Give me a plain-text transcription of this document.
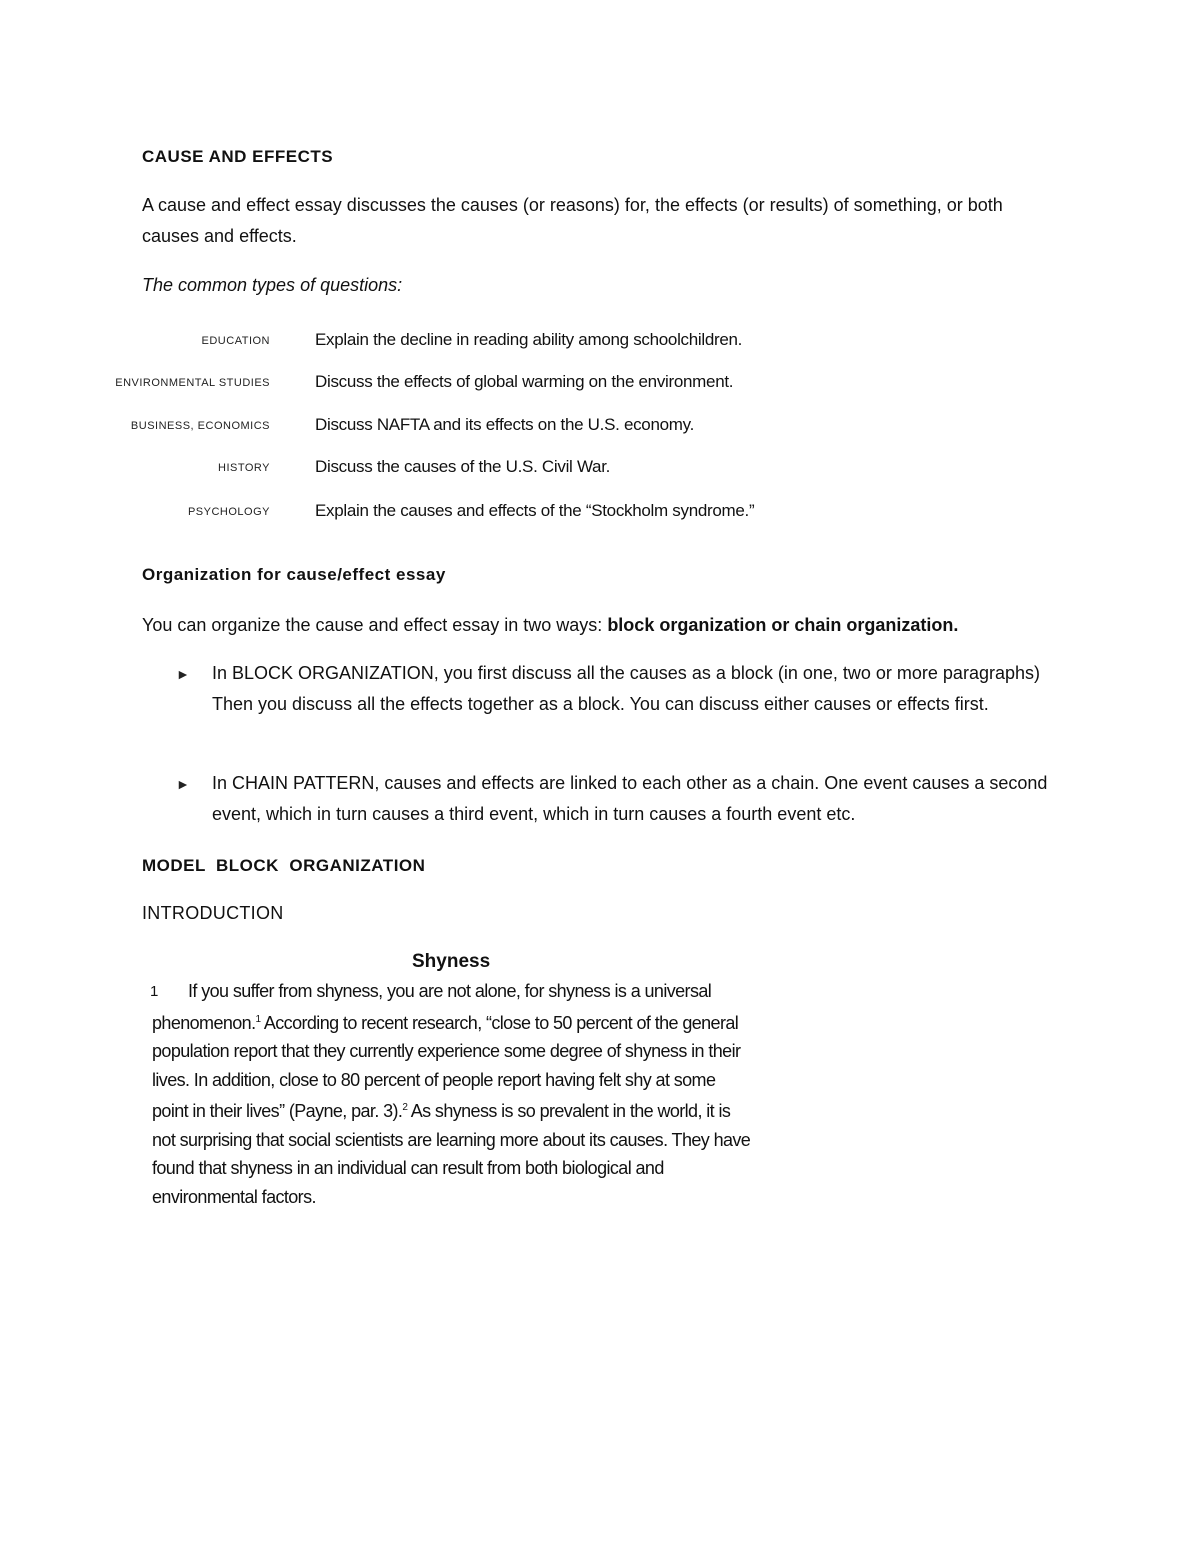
CAUSE AND EFFECTS
A cause and effect essay discusses the causes (or reasons) for, the effects (or results) of something, or both causes and effects.
The common types of questions:
EDUCATION	Explain the decline in reading ability among schoolchildren.
ENVIRONMENTAL STUDIES	Discuss the effects of global warming on the environment.
BUSINESS, ECONOMICS	Discuss NAFTA and its effects on the U.S. economy.
HISTORY	Discuss the causes of the U.S. Civil War.
PSYCHOLOGY	Explain the causes and effects of the “Stockholm syndrome.”
Organization for cause/effect essay
You can organize the cause and effect essay in two ways: block organization or chain organization.
► In BLOCK ORGANIZATION, you first discuss all the causes as a block (in one, two or more paragraphs) Then you discuss all the effects together as a block. You can discuss either causes or effects first.
► In CHAIN PATTERN, causes and effects are linked to each other as a chain. One event causes a second event, which in turn causes a third event, which in turn causes a fourth event etc.
MODEL  BLOCK  ORGANIZATION
INTRODUCTION
Shyness
1	If you suffer from shyness, you are not alone, for shyness is a universal phenomenon.$^1$ According to recent research, “close to 50 percent of the general population report that they currently experience some degree of shyness in their lives. In addition, close to 80 percent of people report having felt shy at some point in their lives” (Payne, par. 3).$^2$ As shyness is so prevalent in the world, it is not surprising that social scientists are learning more about its causes. They have found that shyness in an individual can result from both biological and environmental factors.
